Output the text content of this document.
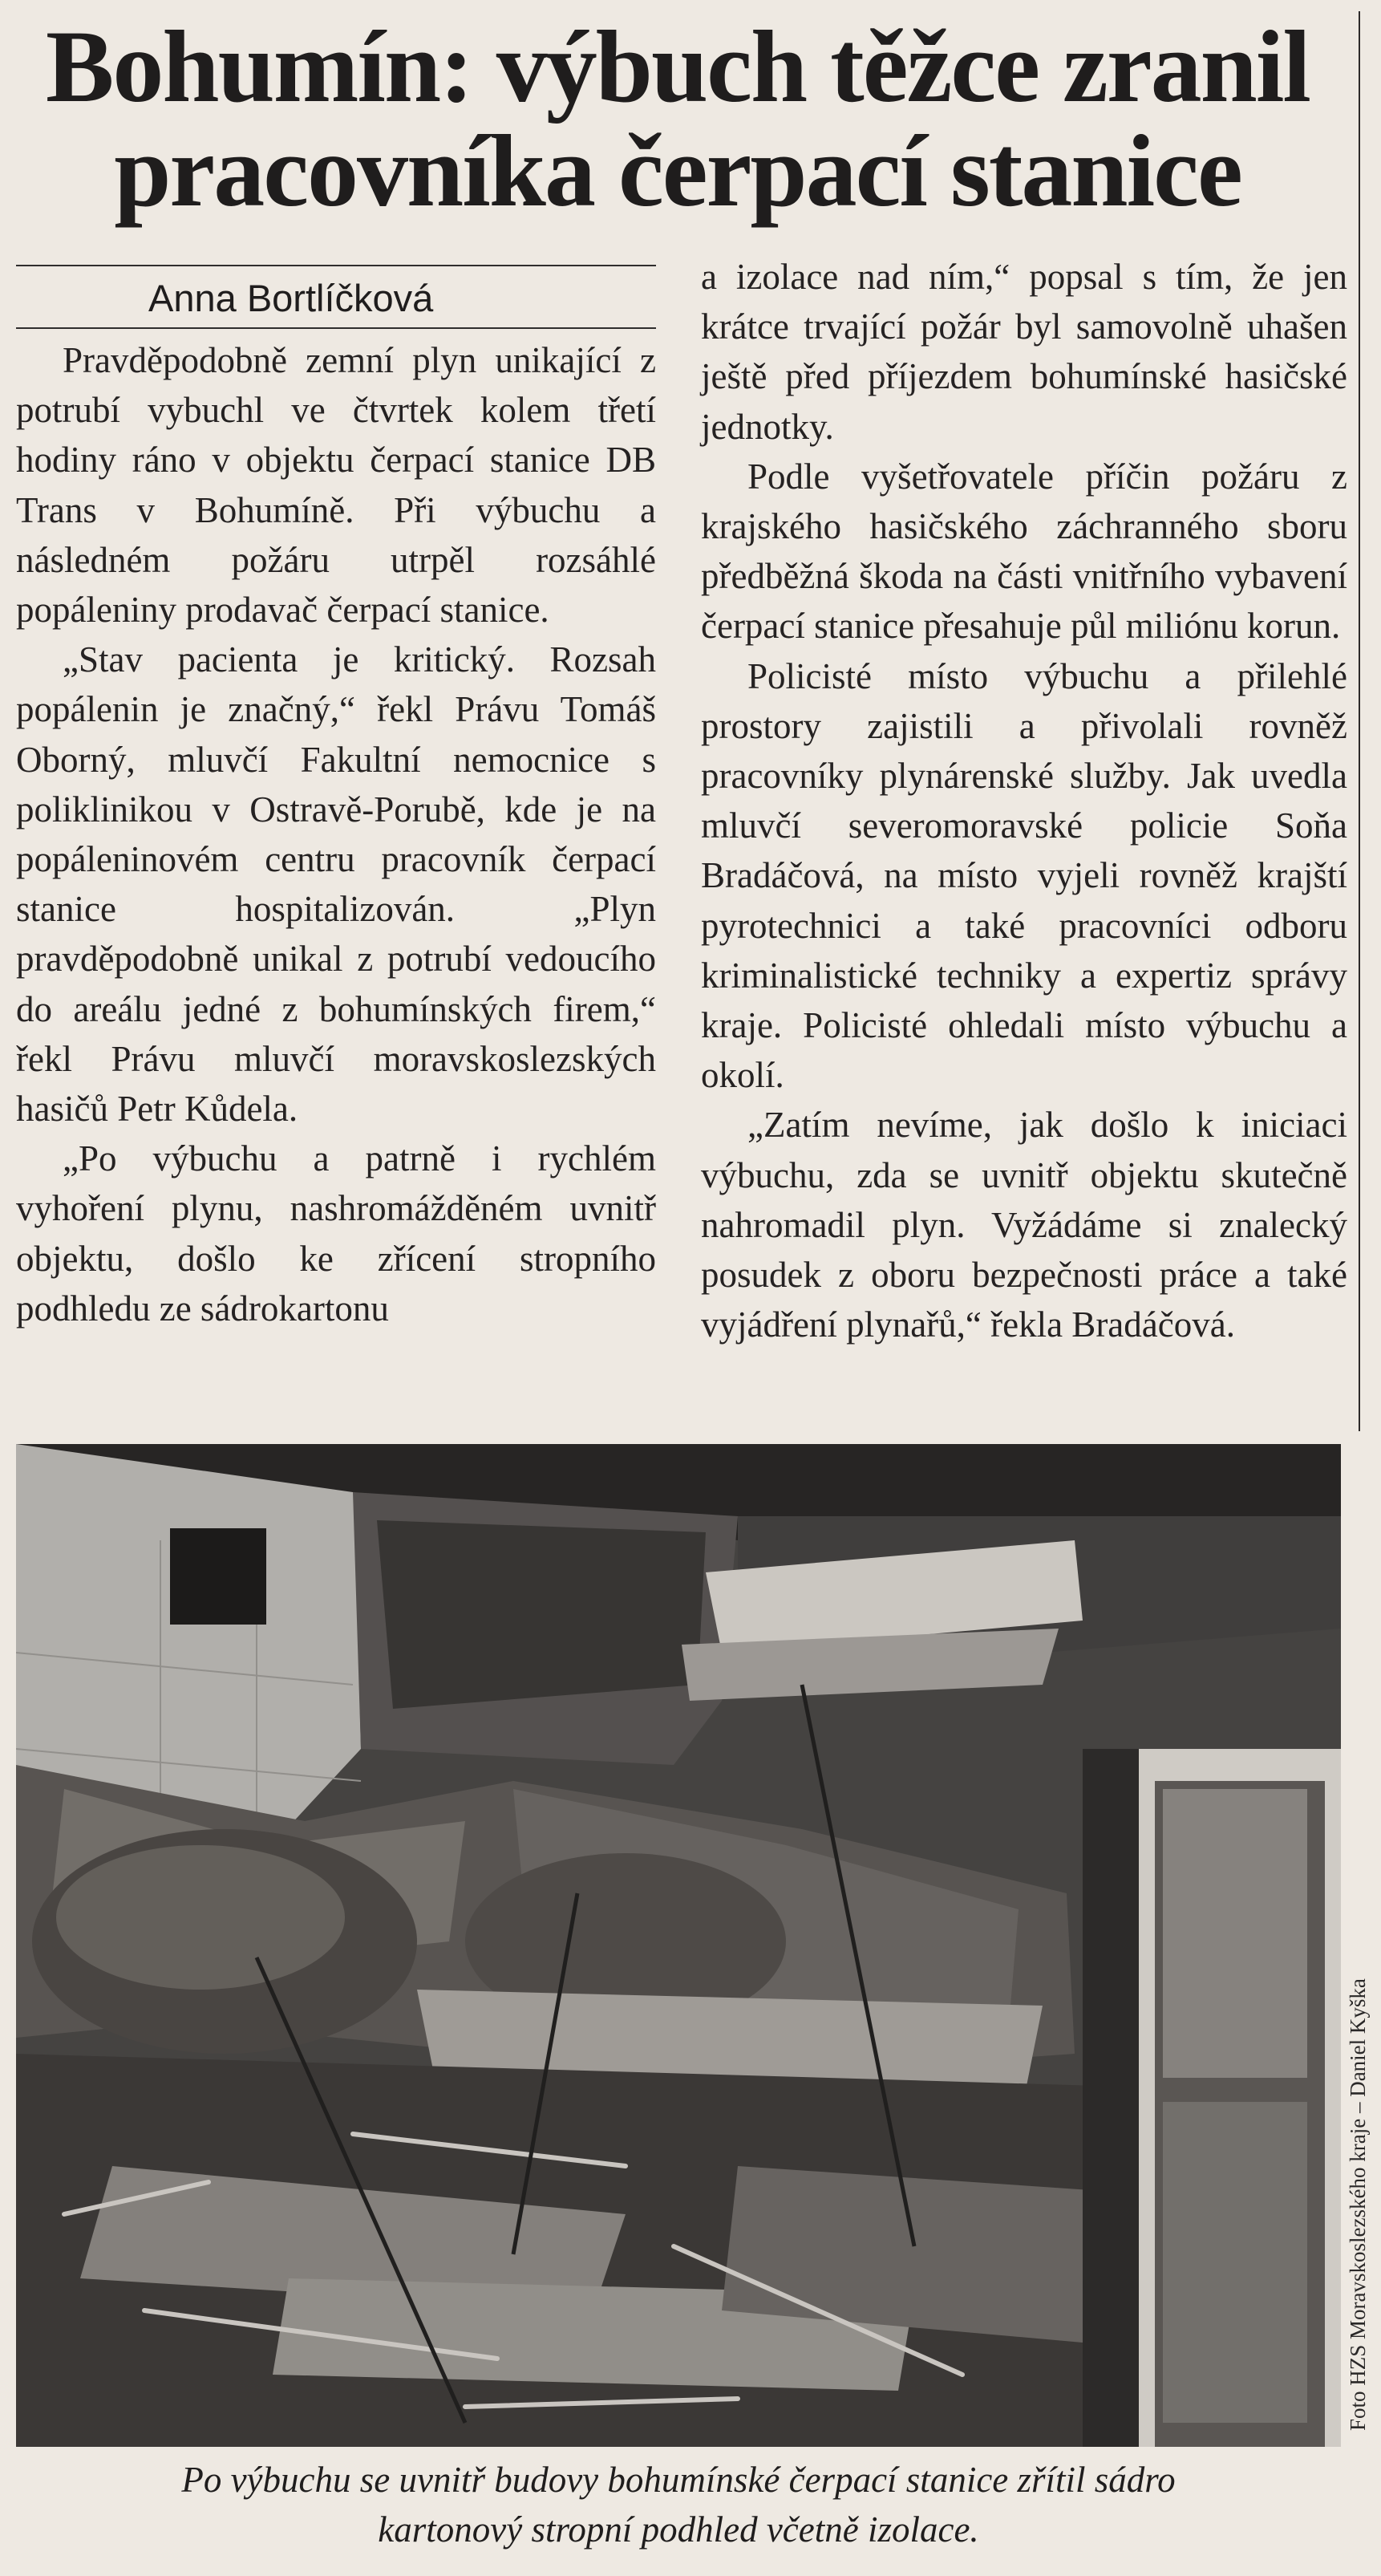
Bohumín: výbuch těžce zranil
pracovníka čerpací stanice
Anna Bortlíčková

Pravděpodobně zemní plyn unikající z potrubí vybuchl ve čtvrtek kolem třetí hodiny ráno v objektu čerpací stanice DB Trans v Bohumíně. Při výbuchu a následném požáru utrpěl rozsáhlé popáleniny prodavač čerpací stanice.

„Stav pacienta je kritický. Rozsah popálenin je značný,“ řekl Právu Tomáš Oborný, mluvčí Fakultní nemocnice s poliklinikou v Ostravě-Porubě, kde je na popáleninovém centru pracovník čerpací stanice hospitalizován. „Plyn pravděpodobně unikal z potrubí vedoucího do areálu jedné z bohumínských firem,“ řekl Právu mluvčí moravskoslezských hasičů Petr Kůdela.

„Po výbuchu a patrně i rychlém vyhoření plynu, nashromážděném uvnitř objektu, došlo ke zřícení stropního podhledu ze sádrokartonu

a izolace nad ním,“ popsal s tím, že jen krátce trvající požár byl samovolně uhašen ještě před příjezdem bohumínské hasičské jednotky.

Podle vyšetřovatele příčin požáru z krajského hasičského záchranného sboru předběžná škoda na části vnitřního vybavení čerpací stanice přesahuje půl miliónu korun.

Policisté místo výbuchu a přilehlé prostory zajistili a přivolali rovněž pracovníky plynárenské služby. Jak uvedla mluvčí severomoravské policie Soňa Bradáčová, na místo vyjeli rovněž krajští pyrotechnici a také pracovníci odboru kriminalistické techniky a expertiz správy kraje. Policisté ohledali místo výbuchu a okolí.

„Zatím nevíme, jak došlo k iniciaci výbuchu, zda se uvnitř objektu skutečně nahromadil plyn. Vyžádáme si znalecký posudek z oboru bezpečnosti práce a také vyjádření plynařů,“ řekla Bradáčová.

Foto HZS Moravskoslezského kraje – Daniel Kyška

Po výbuchu se uvnitř budovy bohumínské čerpací stanice zřítil sádro
kartonový stropní podhled včetně izolace.
